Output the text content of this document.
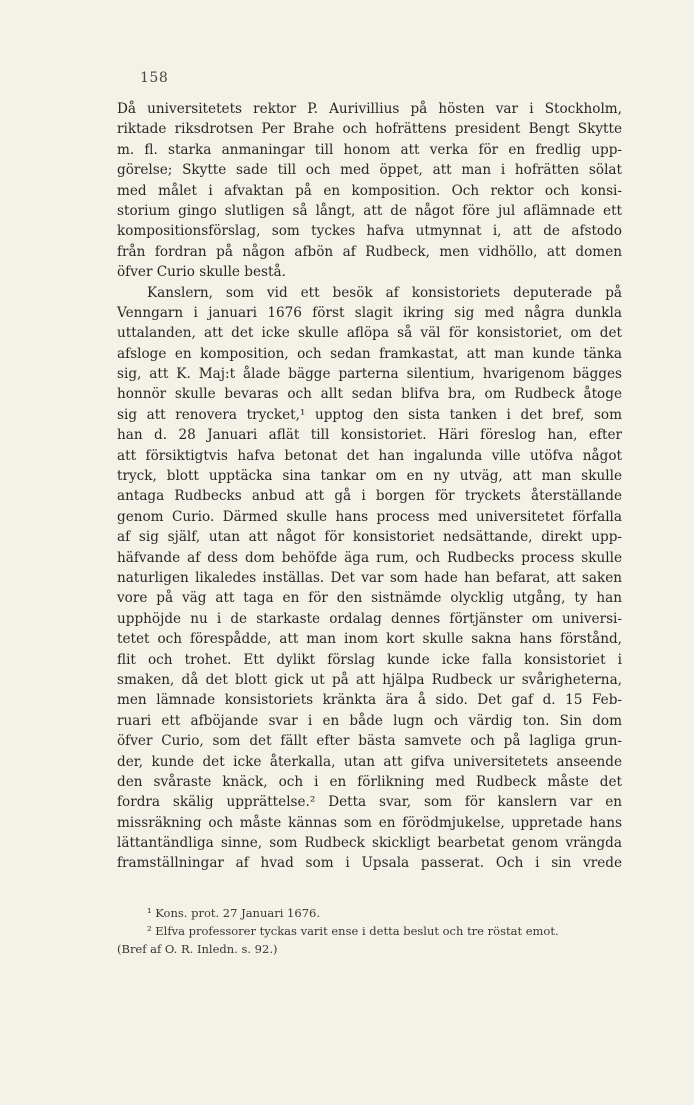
158
Då universitetets rektor P. Aurivillius på hösten var i Stockholm,
riktade riksdrotsen Per Brahe och hofrättens president Bengt Skytte
m. fl. starka anmaningar till honom att verka för en fredlig upp-
görelse; Skytte sade till och med öppet, att man i hofrätten sölat
med målet i afvaktan på en komposition. Och rektor och konsi-
storium gingo slutligen så långt, att de något före jul aflämnade ett
kompositionsförslag, som tyckes hafva utmynnat i, att de afstodo
från fordran på någon afbön af Rudbeck, men vidhöllo, att domen
öfver Curio skulle bestå.
Kanslern, som vid ett besök af konsistoriets deputerade på
Venngarn i januari 1676 först slagit ikring sig med några dunkla
uttalanden, att det icke skulle aflöpa så väl för konsistoriet, om det
afsloge en komposition, och sedan framkastat, att man kunde tänka
sig, att K. Maj:t ålade bägge parterna silentium, hvarigenom bägges
honnör skulle bevaras och allt sedan blifva bra, om Rudbeck åtoge
sig att renovera trycket,¹ upptog den sista tanken i det bref, som
han d. 28 Januari aflät till konsistoriet. Häri föreslog han, efter
att försiktigtvis hafva betonat det han ingalunda ville utöfva något
tryck, blott upptäcka sina tankar om en ny utväg, att man skulle
antaga Rudbecks anbud att gå i borgen för tryckets återställande
genom Curio. Därmed skulle hans process med universitetet förfalla
af sig själf, utan att något för konsistoriet nedsättande, direkt upp-
häfvande af dess dom behöfde äga rum, och Rudbecks process skulle
naturligen likaledes inställas. Det var som hade han befarat, att saken
vore på väg att taga en för den sistnämde olycklig utgång, ty han
upphöjde nu i de starkaste ordalag dennes förtjänster om universi-
tetet och förespådde, att man inom kort skulle sakna hans förstånd,
flit och trohet. Ett dylikt förslag kunde icke falla konsistoriet i
smaken, då det blott gick ut på att hjälpa Rudbeck ur svårigheterna,
men lämnade konsistoriets kränkta ära å sido. Det gaf d. 15 Feb-
ruari ett afböjande svar i en både lugn och värdig ton. Sin dom
öfver Curio, som det fällt efter bästa samvete och på lagliga grun-
der, kunde det icke återkalla, utan att gifva universitetets anseende
den svåraste knäck, och i en förlikning med Rudbeck måste det
fordra skälig upprättelse.² Detta svar, som för kanslern var en
missräkning och måste kännas som en förödmjukelse, uppretade hans
lättantändliga sinne, som Rudbeck skickligt bearbetat genom vrängda
framställningar af hvad som i Upsala passerat. Och i sin vrede
¹ Kons. prot. 27 Januari 1676.
² Elfva professorer tyckas varit ense i detta beslut och tre röstat emot.
(Bref af O. R. Inledn. s. 92.)
